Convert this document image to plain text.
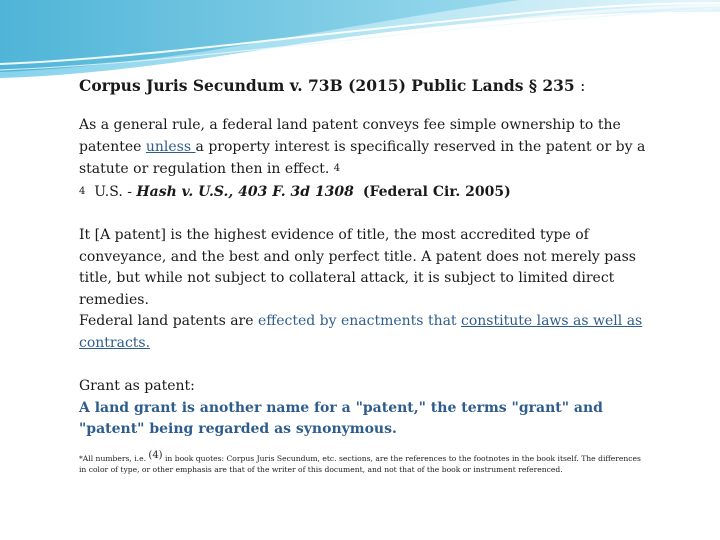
Corpus Juris Secundum v. 73B (2015) Public Lands § 235 :

As a general rule, a federal land patent conveys fee simple ownership to the patentee unless a property interest is specifically reserved in the patent or by a statute or regulation then in effect. 4

4 U.S. - Hash v. U.S., 403 F. 3d 1308 (Federal Cir. 2005)

It [A patent] is the highest evidence of title, the most accredited type of conveyance, and the best and only perfect title. A patent does not merely pass title, but while not subject to collateral attack, it is subject to limited direct remedies.

Federal land patents are effected by enactments that constitute laws as well as contracts.

Grant as patent:

A land grant is another name for a "patent," the terms "grant" and "patent" being regarded as synonymous.

*All numbers, i.e. (4) in book quotes: Corpus Juris Secundum, etc. sections, are the references to the footnotes in the book itself. The differences in color of type, or other emphasis are that of the writer of this document, and not that of the book or instrument referenced.
